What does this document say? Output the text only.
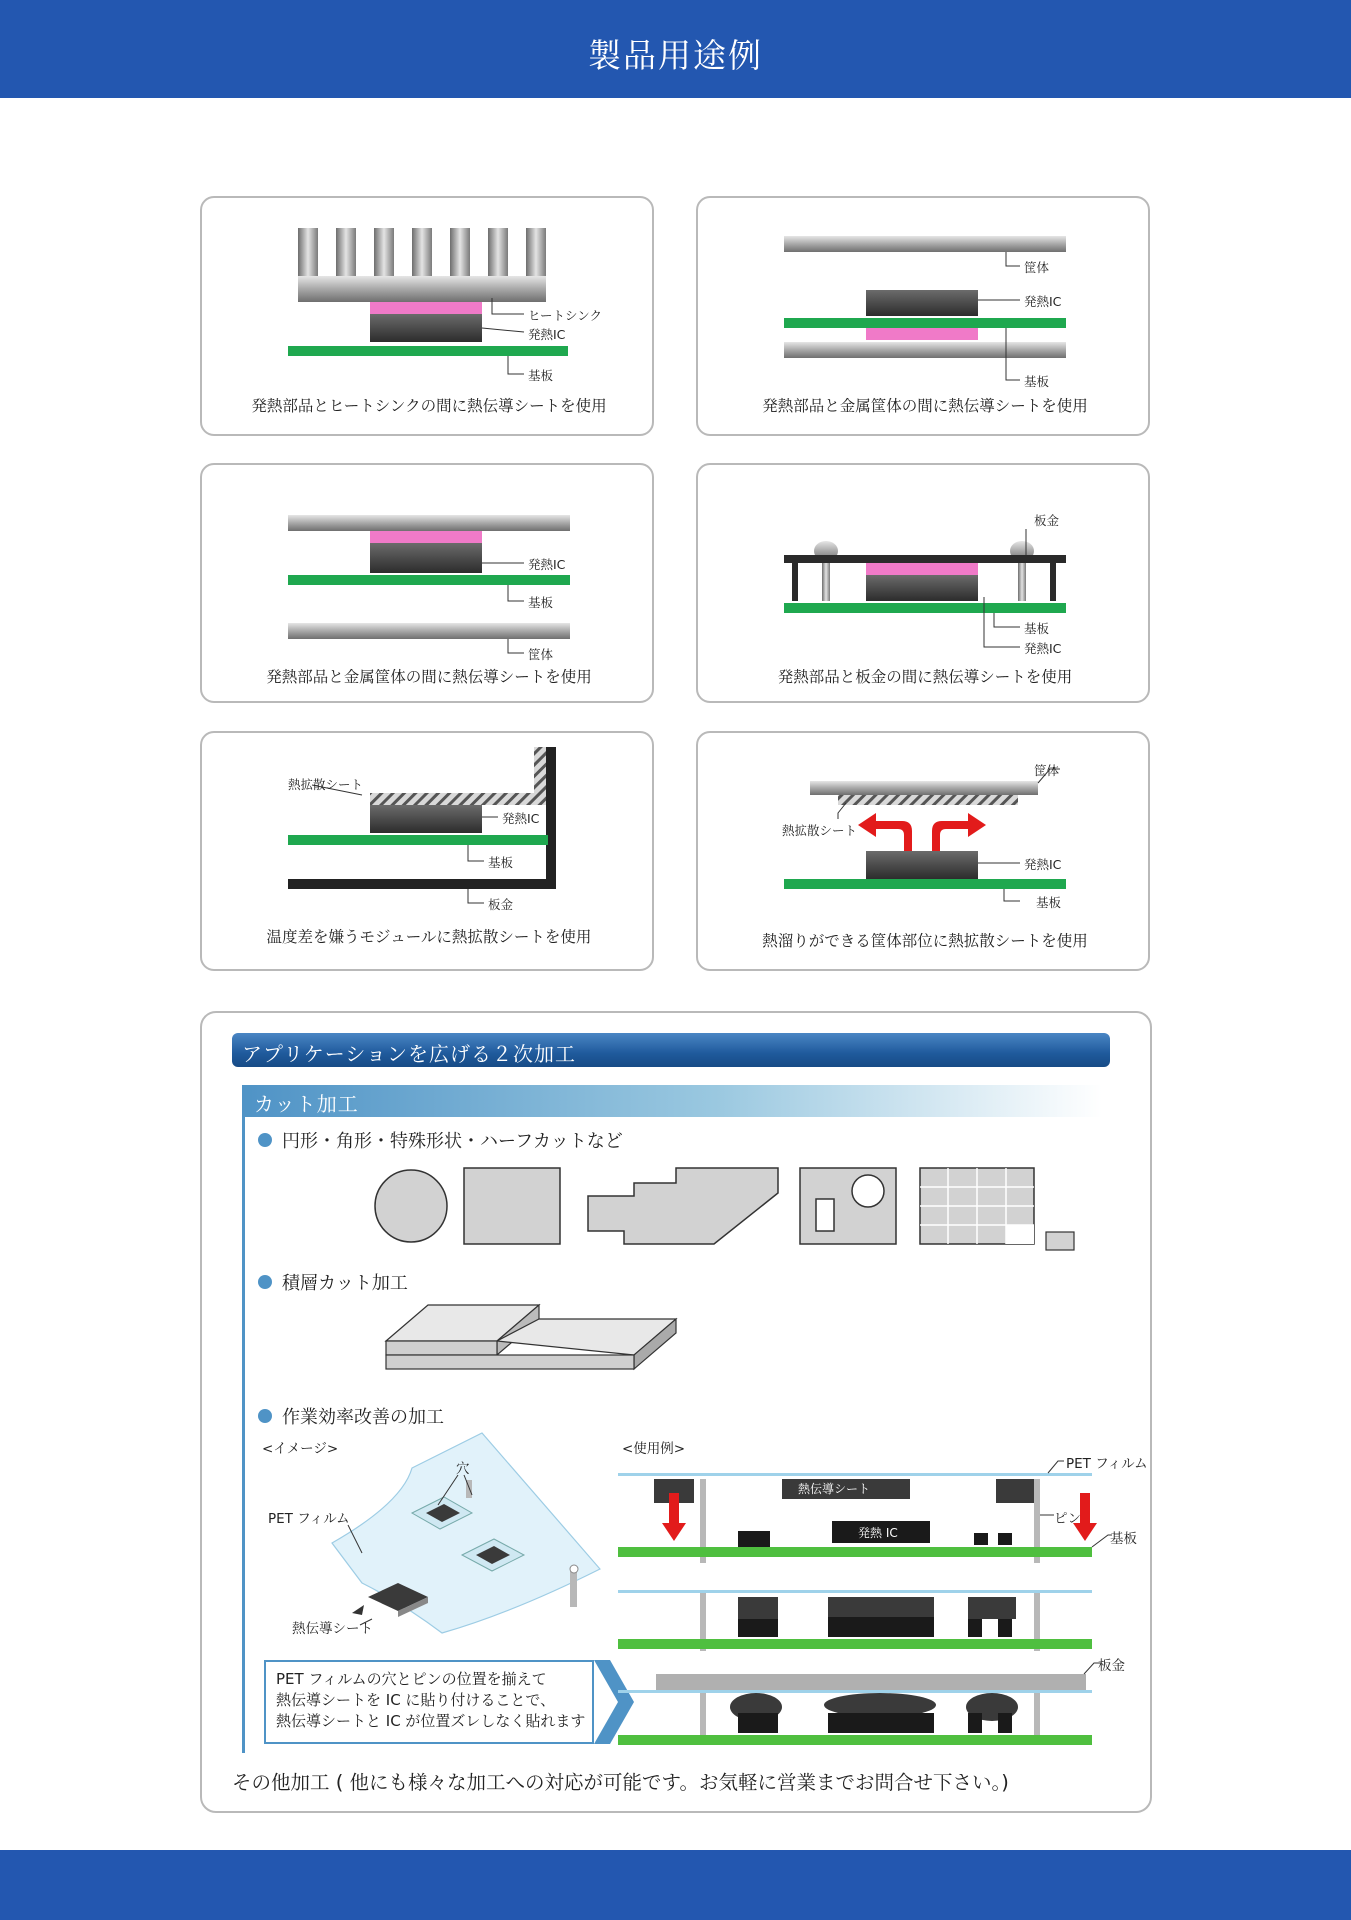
製品用途例
ヒートシンク
発熱IC
基板
発熱部品とヒートシンクの間に熱伝導シートを使用
筐体
発熱IC
基板
発熱部品と金属筐体の間に熱伝導シートを使用
発熱IC
基板
筐体
発熱部品と金属筐体の間に熱伝導シートを使用
板金
基板
発熱IC
発熱部品と板金の間に熱伝導シートを使用
熱拡散シート
発熱IC
基板
板金
温度差を嫌うモジュールに熱拡散シートを使用
筐体
熱拡散シート
発熱IC
基板
熱溜りができる筐体部位に熱拡散シートを使用
アプリケーションを広げる２次加工
カット加工
円形・角形・特殊形状・ハーフカットなど
積層カット加工
作業効率改善の加工
<イメージ>	<使用例>
穴
PET フィルム
熱伝導シート
PET フィルム
ピン
基板
板金
熱伝導シート
発熱 IC
PET フィルムの穴とピンの位置を揃えて
熱伝導シートを IC に貼り付けることで、
熱伝導シートと IC が位置ズレしなく貼れます
その他加工 ( 他にも様々な加工への対応が可能です。お気軽に営業までお問合せ下さい。)
